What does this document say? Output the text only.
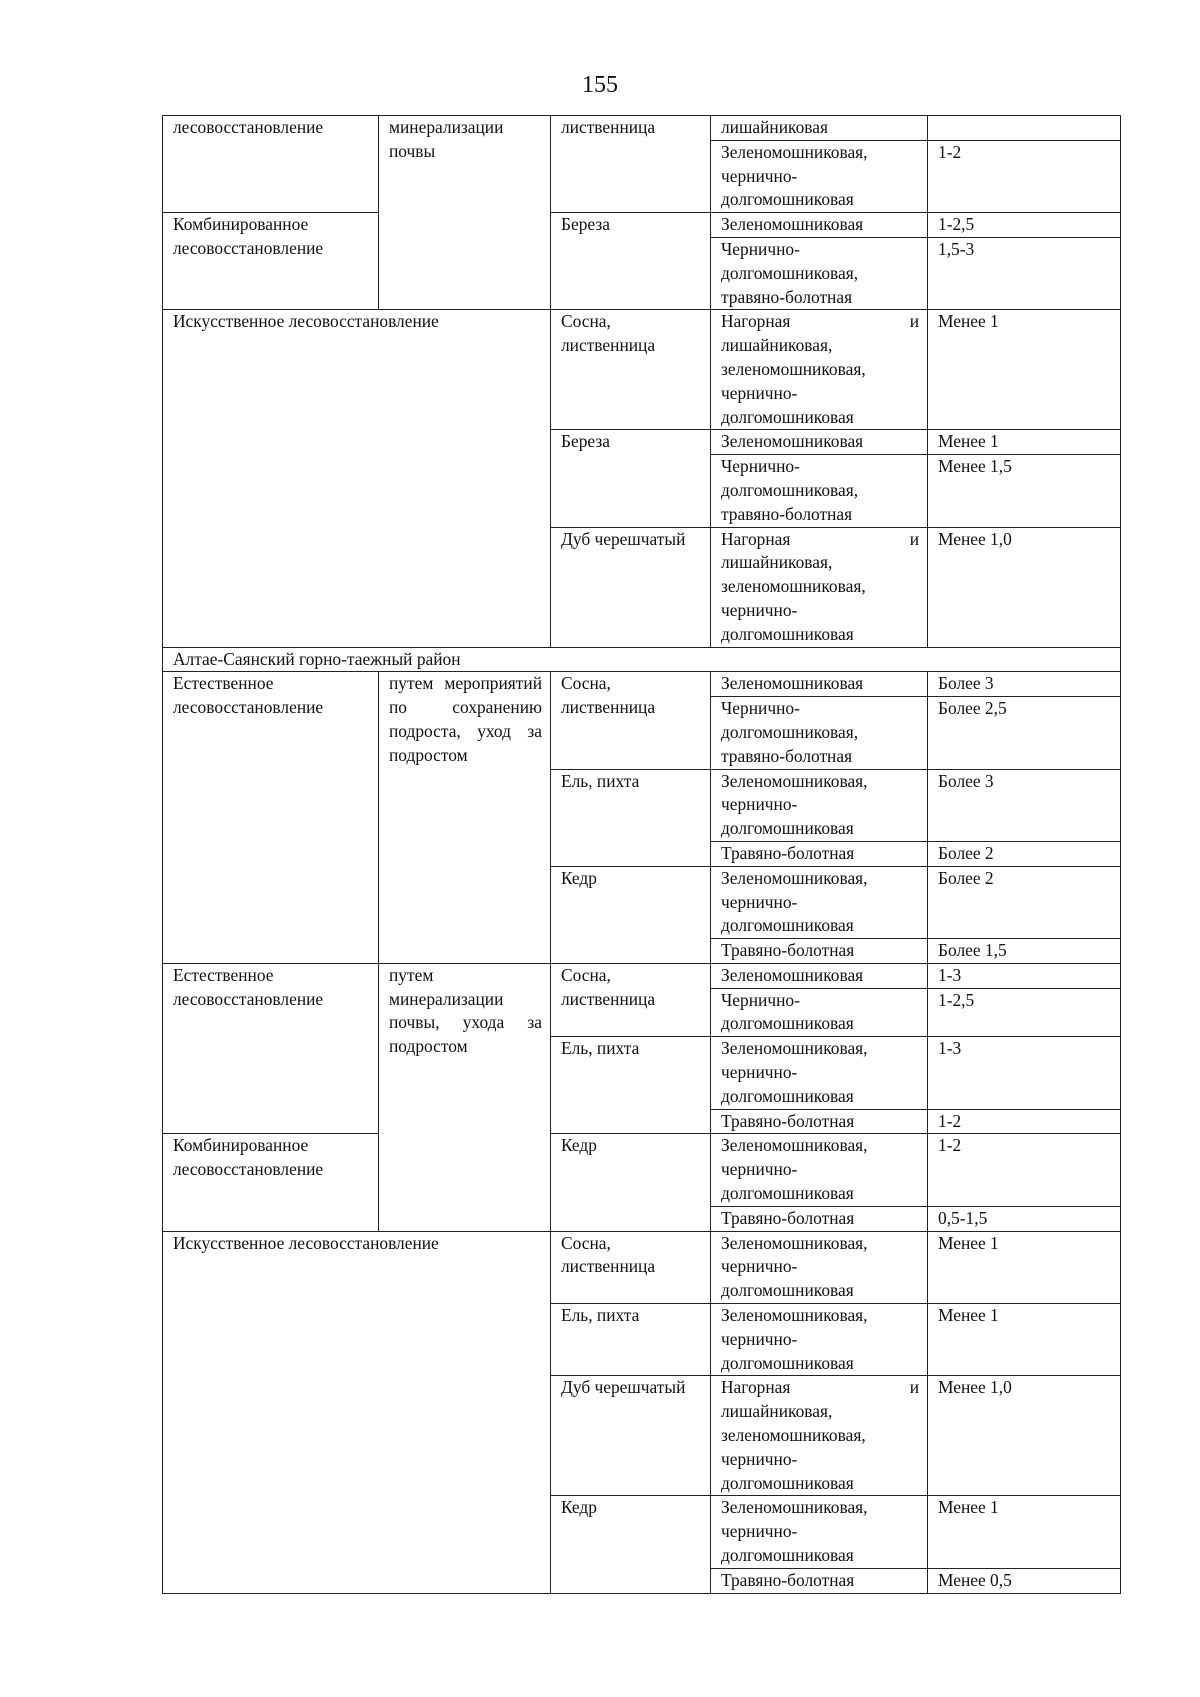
155
лесовосстановление	минерализации почвы	лиственница	лишайниковая	
			Зеленомошниковая, чернично-долгомошниковая	1-2
Комбинированное лесовосстановление		Береза	Зеленомошниковая	1-2,5
			Чернично-долгомошниковая, травяно-болотная	1,5-3
Искусственное лесовосстановление		Сосна, лиственница	Нагорная и лишайниковая, зеленомошниковая, чернично-долгомошниковая	Менее 1
		Береза	Зеленомошниковая	Менее 1
			Чернично-долгомошниковая, травяно-болотная	Менее 1,5
		Дуб черешчатый	Нагорная и лишайниковая, зеленомошниковая, чернично-долгомошниковая	Менее 1,0
Алтае-Саянский горно-таежный район				
Естественное лесовосстановление	путем мероприятий по сохранению подроста, уход за подростом	Сосна, лиственница	Зеленомошниковая	Более 3
			Чернично-долгомошниковая, травяно-болотная	Более 2,5
		Ель, пихта	Зеленомошниковая, чернично-долгомошниковая	Более 3
			Травяно-болотная	Более 2
		Кедр	Зеленомошниковая, чернично-долгомошниковая	Более 2
			Травяно-болотная	Более 1,5
Естественное лесовосстановление	путем минерализации почвы, ухода за подростом	Сосна, лиственница	Зеленомошниковая	1-3
			Чернично-долгомошниковая	1-2,5
		Ель, пихта	Зеленомошниковая, чернично-долгомошниковая	1-3
			Травяно-болотная	1-2
Комбинированное лесовосстановление		Кедр	Зеленомошниковая, чернично-долгомошниковая	1-2
			Травяно-болотная	0,5-1,5
Искусственное лесовосстановление		Сосна, лиственница	Зеленомошниковая, чернично-долгомошниковая	Менее 1
		Ель, пихта	Зеленомошниковая, чернично-долгомошниковая	Менее 1
		Дуб черешчатый	Нагорная и лишайниковая, зеленомошниковая, чернично-долгомошниковая	Менее 1,0
		Кедр	Зеленомошниковая, чернично-долгомошниковая	Менее 1
			Травяно-болотная	Менее 0,5
